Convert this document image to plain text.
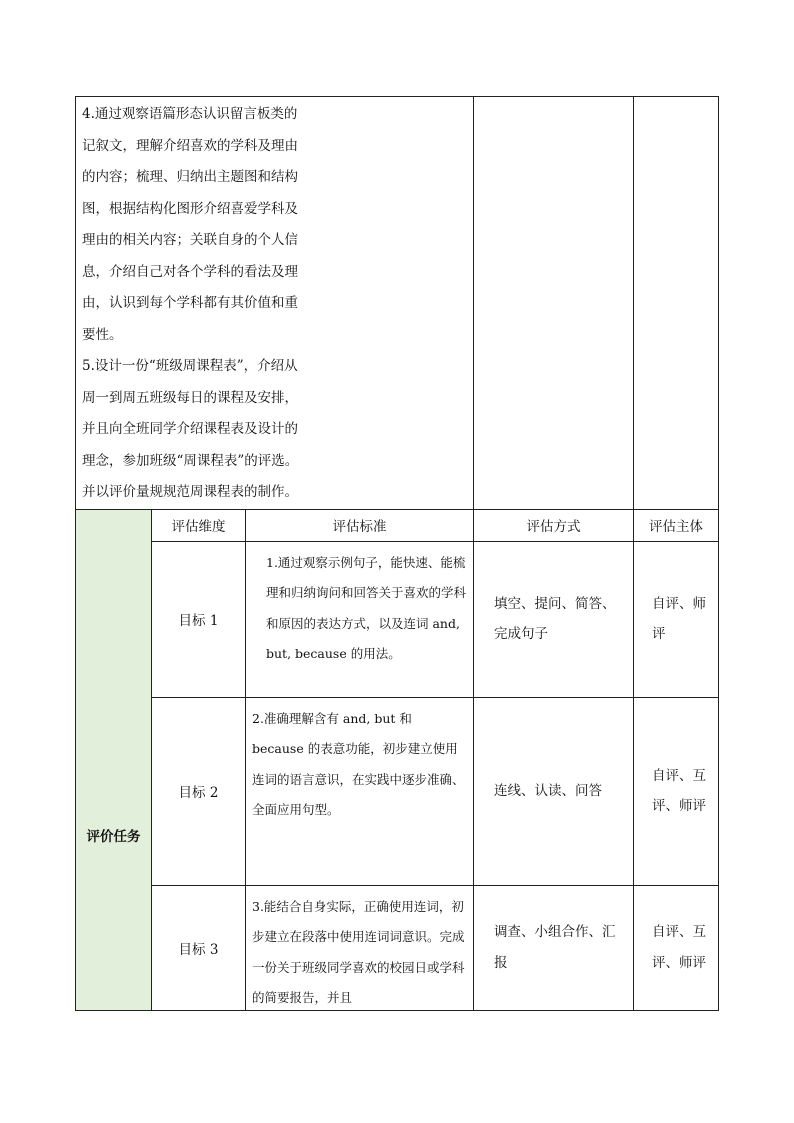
4.通过观察语篇形态认识留言板类的记叙文，理解介绍喜欢的学科及理由的内容；梳理、归纳出主题图和结构图，根据结构化图形介绍喜爱学科及理由的相关内容；关联自身的个人信息，介绍自己对各个学科的看法及理由，认识到每个学科都有其价值和重要性。
5.设计一份“班级周课程表”，介绍从周一到周五班级每日的课程及安排，并且向全班同学介绍课程表及设计的理念，参加班级“周课程表”的评选。并以评价量规规范周课程表的制作。				

评价任务	评估维度	评估标准	评估方式	评估主体
	目标 1	1.通过观察示例句子，能快速、能梳理和归纳询问和回答关于喜欢的学科和原因的表达方式，以及连词 and, but, because 的用法。	填空、提问、简答、完成句子	自评、师评
	目标 2	2.准确理解含有 and, but 和 because 的表意功能，初步建立使用连词的语言意识，在实践中逐步准确、全面应用句型。	连线、认读、问答	自评、互评、师评
	目标 3	3.能结合自身实际，正确使用连词，初步建立在段落中使用连词词意识。完成一份关于班级同学喜欢的校园日或学科的简要报告，并且	调查、小组合作、汇报	自评、互评、师评
